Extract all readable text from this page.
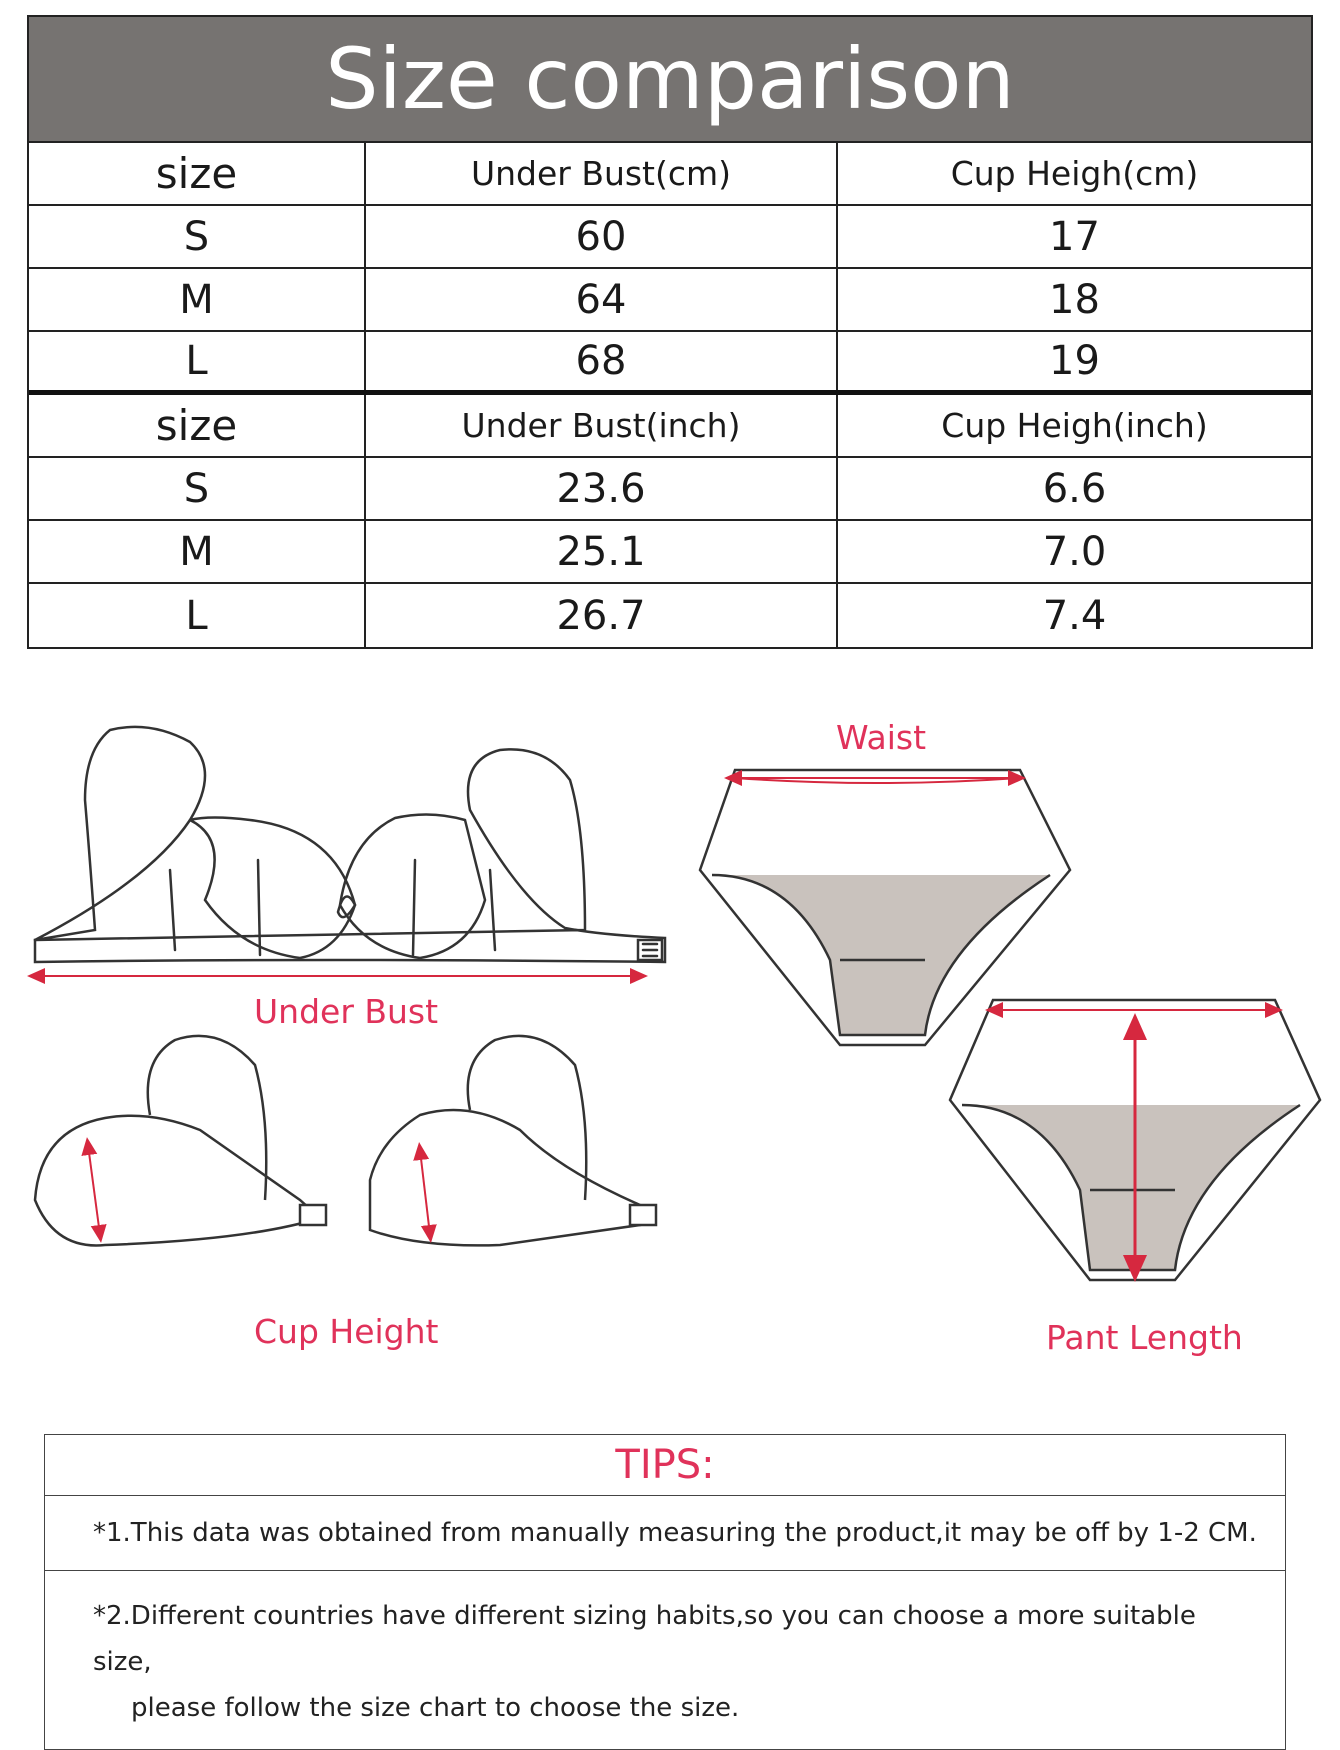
Size comparison
size	Under Bust(cm)	Cup Heigh(cm)
S	60	17
M	64	18
L	68	19
size	Under Bust(inch)	Cup Heigh(inch)
S	23.6	6.6
M	25.1	7.0
L	26.7	7.4
Under Bust
Cup Height
Waist
Pant Length
TIPS:
*1.This data was obtained from manually measuring the product,it may be off by 1-2 CM.
*2.Different countries have different sizing habits,so you can choose a more suitable size,
please follow the size chart to choose the size.
